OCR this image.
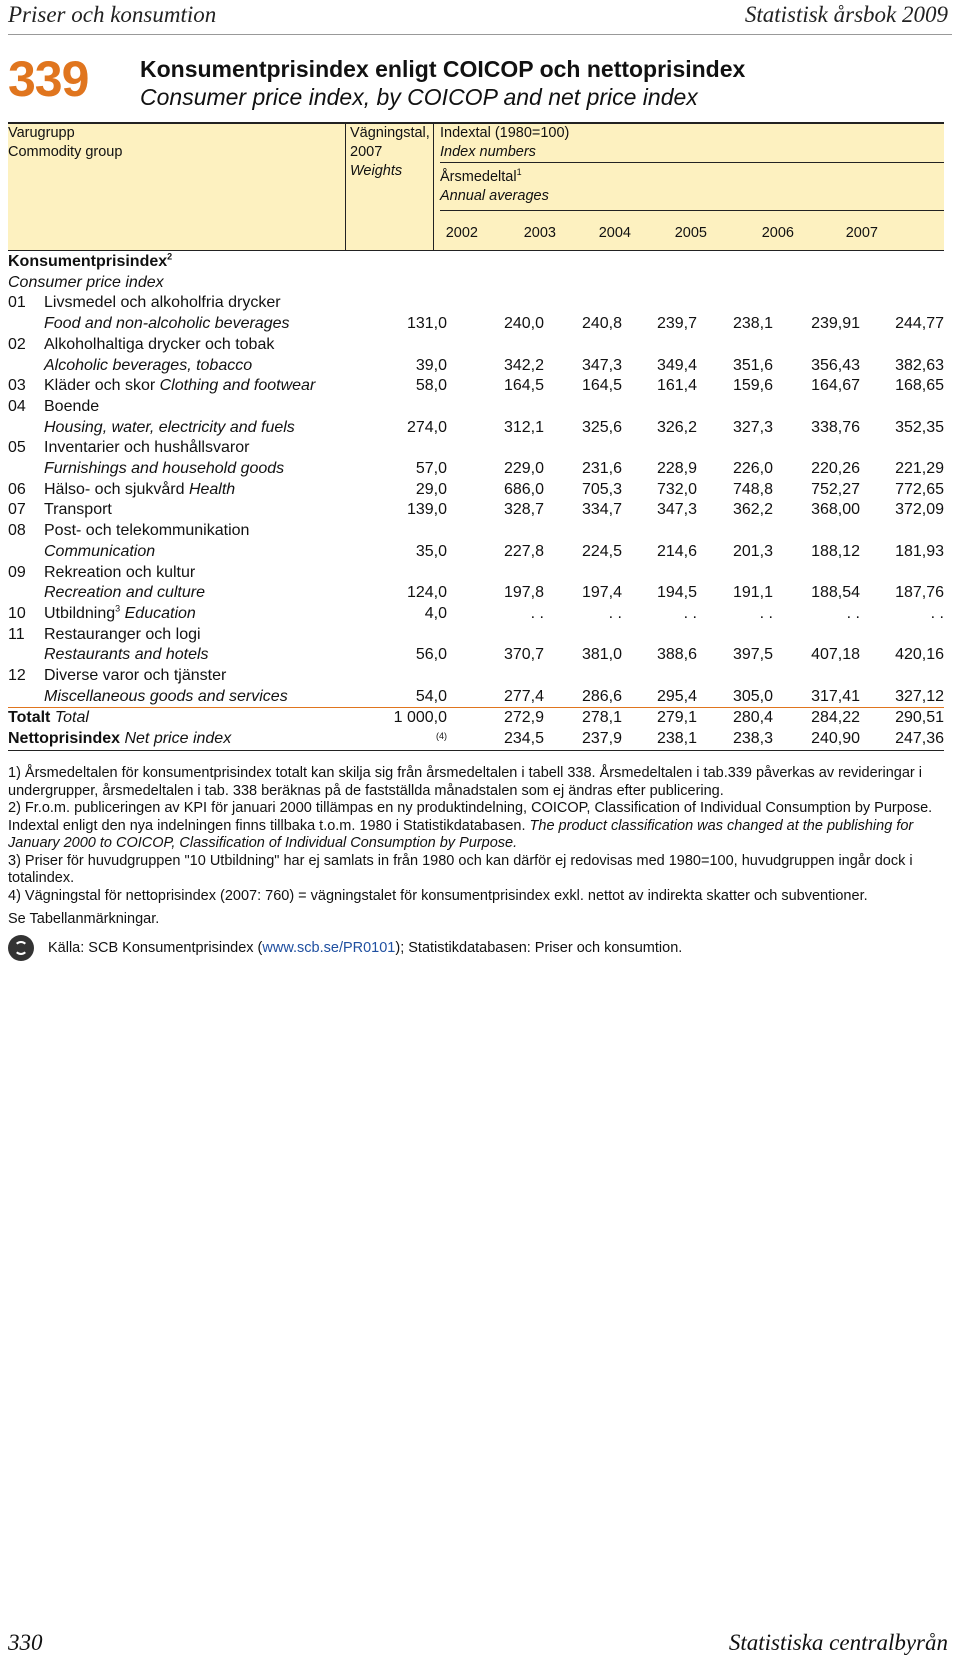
Priser och konsumtion	Statistisk årsbok 2009
339 Konsumentprisindex enligt COICOP och nettoprisindex
Consumer price index, by COICOP and net price index
Varugrupp
Commodity group
Vägningstal,
2007
Weights
Indextal (1980=100)
Index numbers
Årsmedeltal$^1$
Annual averages
2002	2003	2004	2005	2006	2007
Konsumentprisindex$^2$
Consumer price index								
01	Livsmedel och alkoholfria drycker							
	Food and non-alcoholic beverages	131,0	240,0	240,8	239,7	238,1	239,91	244,77
02	Alkoholhaltiga drycker och tobak							
	Alcoholic beverages, tobacco	39,0	342,2	347,3	349,4	351,6	356,43	382,63
03	Kläder och skor Clothing and footwear	58,0	164,5	164,5	161,4	159,6	164,67	168,65
04	Boende							
	Housing, water, electricity and fuels	274,0	312,1	325,6	326,2	327,3	338,76	352,35
05	Inventarier och hushållsvaror							
	Furnishings and household goods	57,0	229,0	231,6	228,9	226,0	220,26	221,29
06	Hälso- och sjukvård Health	29,0	686,0	705,3	732,0	748,8	752,27	772,65
07	Transport	139,0	328,7	334,7	347,3	362,2	368,00	372,09
08	Post- och telekommunikation							
	Communication	35,0	227,8	224,5	214,6	201,3	188,12	181,93
09	Rekreation och kultur							
	Recreation and culture	124,0	197,8	197,4	194,5	191,1	188,54	187,76
10	Utbildning$^3$ Education	4,0	. .	. .	. .	. .	. .	. .
11	Restauranger och logi							
	Restaurants and hotels	56,0	370,7	381,0	388,6	397,5	407,18	420,16
12	Diverse varor och tjänster							
	Miscellaneous goods and services	54,0	277,4	286,6	295,4	305,0	317,41	327,12
Totalt Total		1 000,0	272,9	278,1	279,1	280,4	284,22	290,51
Nettoprisindex Net price index		(4)	234,5	237,9	238,1	238,3	240,90	247,36

1) Årsmedeltalen för konsumentprisindex totalt kan skilja sig från årsmedeltalen i tabell 338. Årsmedeltalen i tab.339 påverkas av revideringar i undergrupper, årsmedeltalen i tab. 338 beräknas på de fastställda månadstalen som ej ändras efter publicering.

2) Fr.o.m. publiceringen av KPI för januari 2000 tillämpas en ny produktindelning, COICOP, Classification of Individual Consumption by Purpose. Indextal enligt den nya indelningen finns tillbaka t.o.m. 1980 i Statistikdatabasen. The product classification was changed at the publishing for January 2000 to COICOP, Classification of Individual Consumption by Purpose.

3) Priser för huvudgruppen "10 Utbildning" har ej samlats in från 1980 och kan därför ej redovisas med 1980=100, huvudgruppen ingår dock i totalindex.

4) Vägningstal för nettoprisindex (2007: 760) = vägningstalet för konsumentprisindex exkl. nettot av indirekta skatter och subventioner.

Se Tabellanmärkningar.

Källa: SCB Konsumentprisindex (www.scb.se/PR0101); Statistikdatabasen: Priser och konsumtion.
330	Statistiska centralbyrån
